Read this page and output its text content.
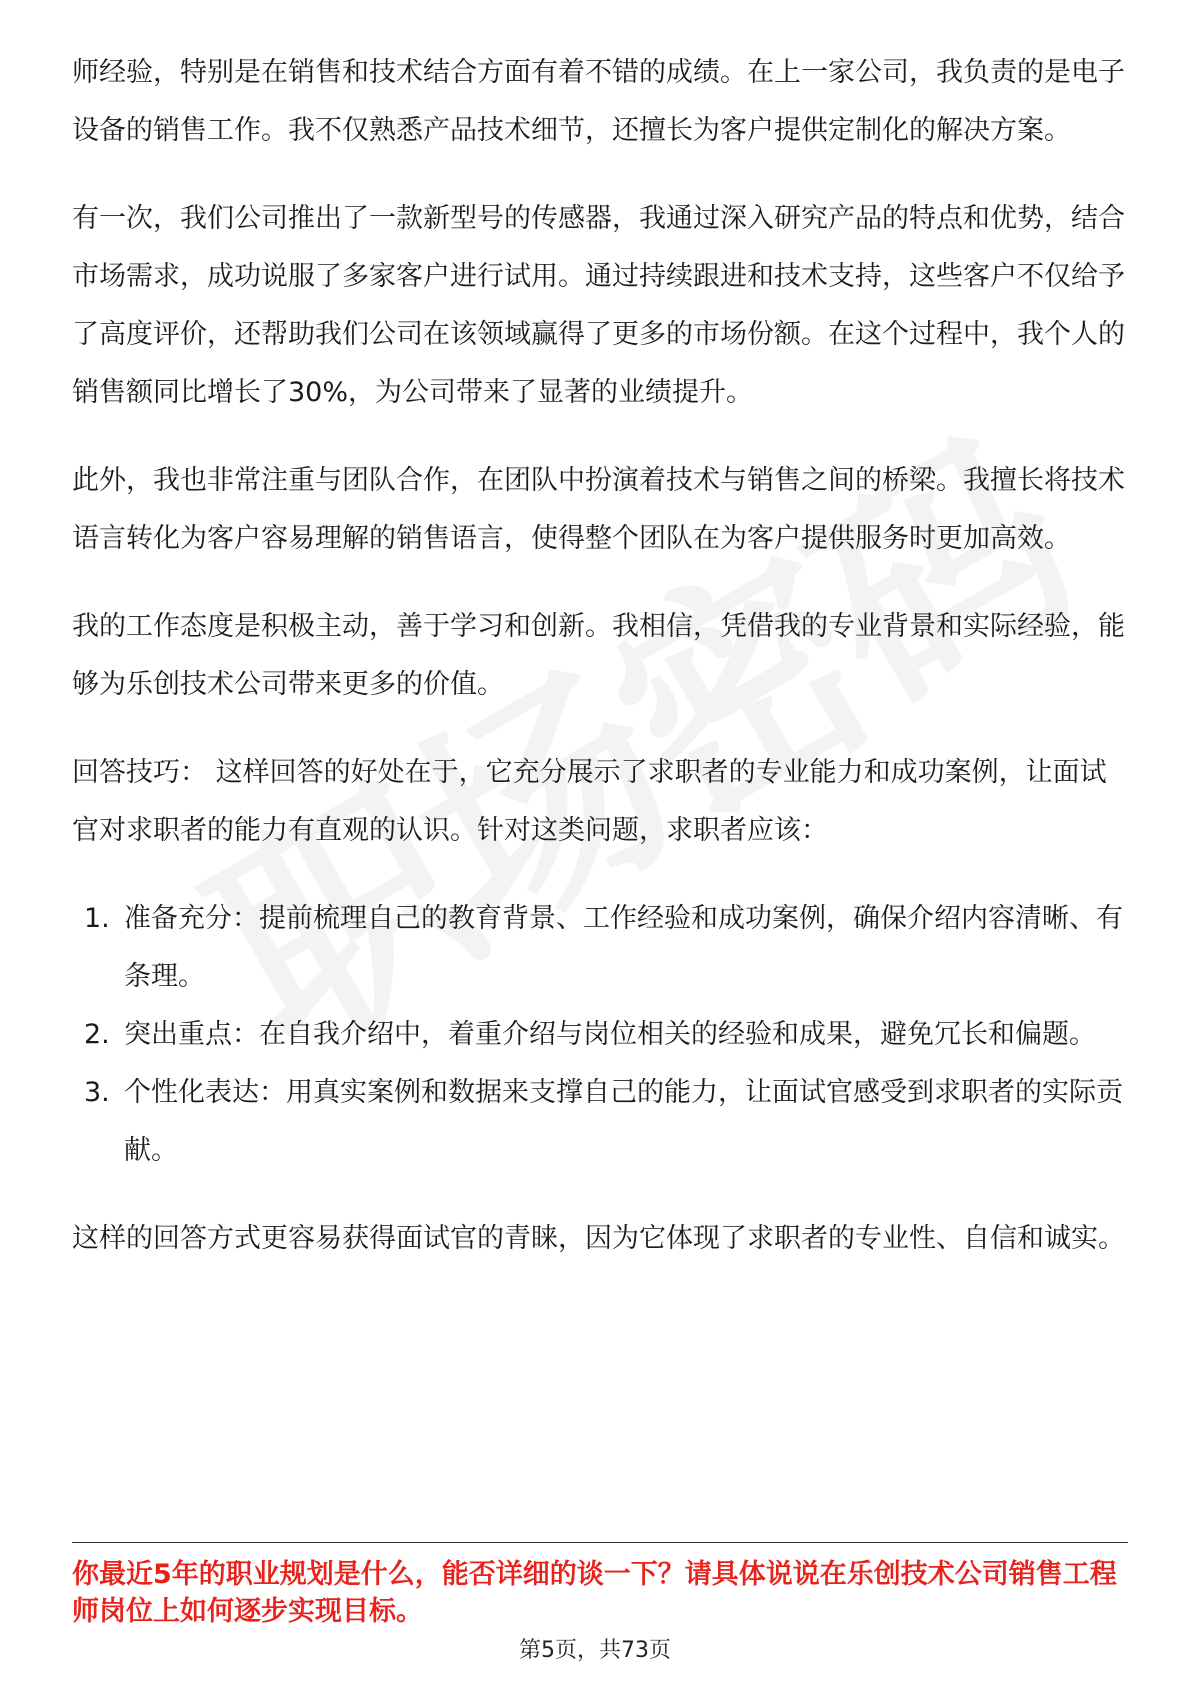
师经验，特别是在销售和技术结合方面有着不错的成绩。在上一家公司，我负责的是电子设备的销售工作。我不仅熟悉产品技术细节，还擅长为客户提供定制化的解决方案。

有一次，我们公司推出了一款新型号的传感器，我通过深入研究产品的特点和优势，结合市场需求，成功说服了多家客户进行试用。通过持续跟进和技术支持，这些客户不仅给予了高度评价，还帮助我们公司在该领域赢得了更多的市场份额。在这个过程中，我个人的销售额同比增长了30%，为公司带来了显著的业绩提升。

此外，我也非常注重与团队合作，在团队中扮演着技术与销售之间的桥梁。我擅长将技术语言转化为客户容易理解的销售语言，使得整个团队在为客户提供服务时更加高效。

我的工作态度是积极主动，善于学习和创新。我相信，凭借我的专业背景和实际经验，能够为乐创技术公司带来更多的价值。

回答技巧： 这样回答的好处在于，它充分展示了求职者的专业能力和成功案例，让面试官对求职者的能力有直观的认识。针对这类问题，求职者应该：

1. 准备充分：提前梳理自己的教育背景、工作经验和成功案例，确保介绍内容清晰、有条理。
2. 突出重点：在自我介绍中，着重介绍与岗位相关的经验和成果，避免冗长和偏题。
3. 个性化表达：用真实案例和数据来支撑自己的能力，让面试官感受到求职者的实际贡献。

这样的回答方式更容易获得面试官的青睐，因为它体现了求职者的专业性、自信和诚实。

你最近5年的职业规划是什么，能否详细的谈一下？请具体说说在乐创技术公司销售工程师岗位上如何逐步实现目标。

第5页，共73页
